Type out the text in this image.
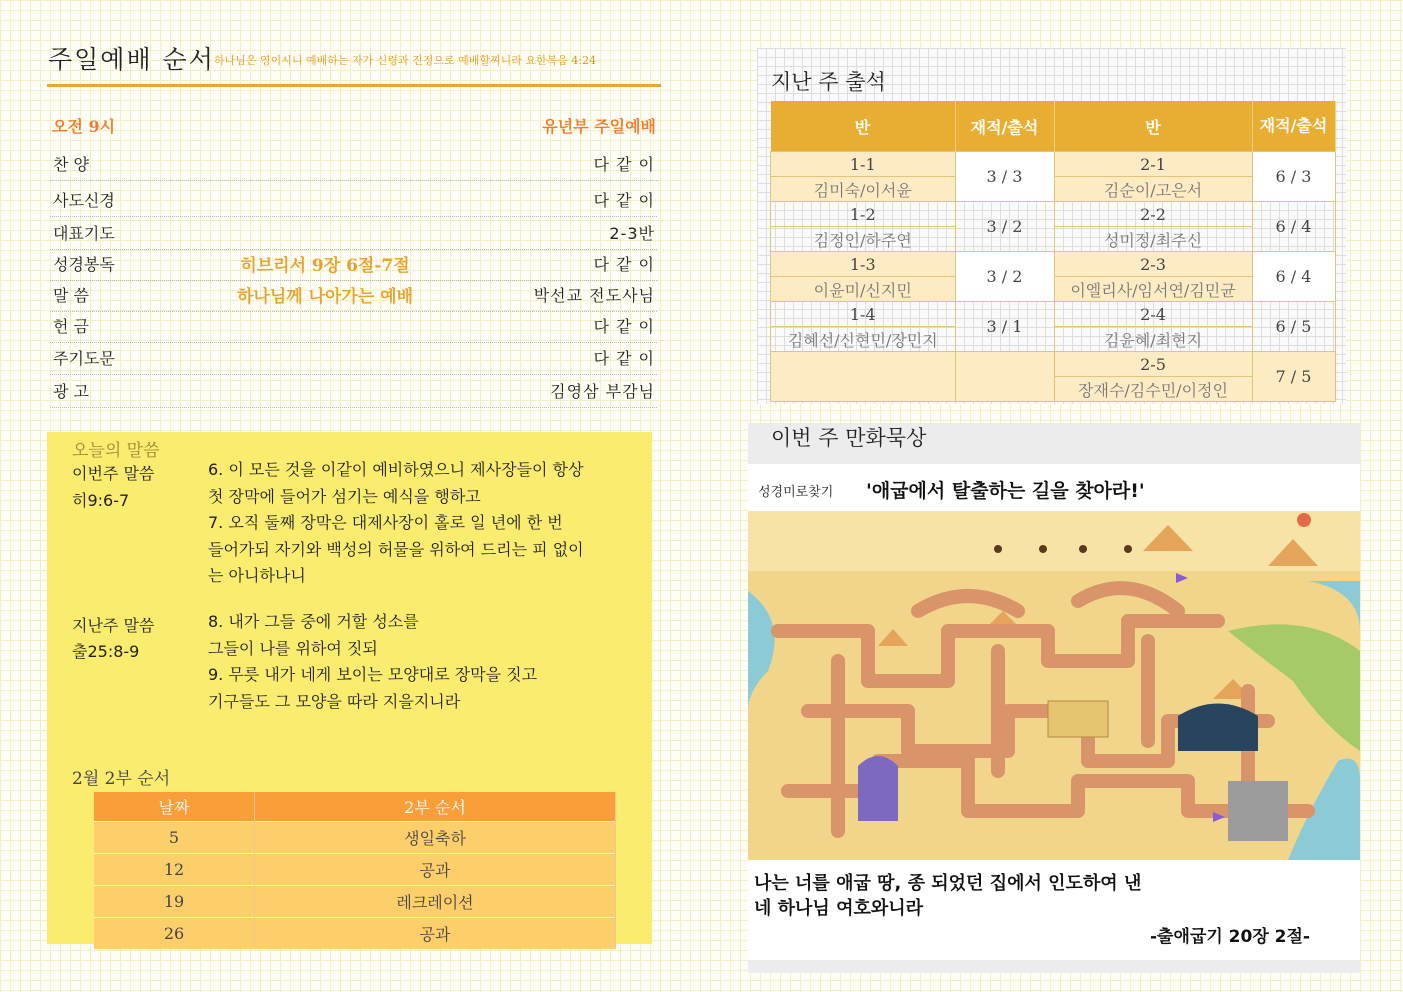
주일예배 순서 하나님은 영이시니 예배하는 자가 신령과 진정으로 예배할찌니라 요한복음 4:24
오전 9시	유년부 주일예배
찬 양	다 같 이
사도신경	다 같 이
대표기도	2-3반
성경봉독	히브리서 9장 6절-7절	다 같 이
말 씀	하나님께 나아가는 예배	박선교 전도사님
헌 금	다 같 이
주기도문	다 같 이
광 고	김영삼 부감님
오늘의 말씀
이번주 말씀
히9:6-7
6. 이 모든 것을 이같이 예비하였으니 제사장들이 항상
첫 장막에 들어가 섬기는 예식을 행하고
7. 오직 둘째 장막은 대제사장이 홀로 일 년에 한 번
들어가되 자기와 백성의 허물을 위하여 드리는 피 없이
는 아니하나니
지난주 말씀
출25:8-9
8. 내가 그들 중에 거할 성소를
그들이 나를 위하여 짓되
9. 무릇 내가 네게 보이는 모양대로 장막을 짓고
기구들도 그 모양을 따라 지을지니라
2월 2부 순서
날짜	2부 순서
5	생일축하
12	공과
19	레크레이션
26	공과
지난 주 출석
반	재적/출석	반	재적/출석
1-1	3 / 3	2-1	6 / 3
김미숙/이서윤		김순이/고은서	
1-2	3 / 2	2-2	6 / 4
김정인/하주연		성미정/최주신	
1-3	3 / 2	2-3	6 / 4
이윤미/신지민		이엘리사/임서연/김민균	
1-4	3 / 1	2-4	6 / 5
김혜선/신현민/장민지		김윤혜/최현지	
		2-5	7 / 5
		장재수/김수민/이정인	
이번 주 만화묵상
성경미로찾기 '애굽에서 탈출하는 길을 찾아라!'
나는 너를 애굽 땅, 종 되었던 집에서 인도하여 낸
네 하나님 여호와니라
-출애굽기 20장 2절-
